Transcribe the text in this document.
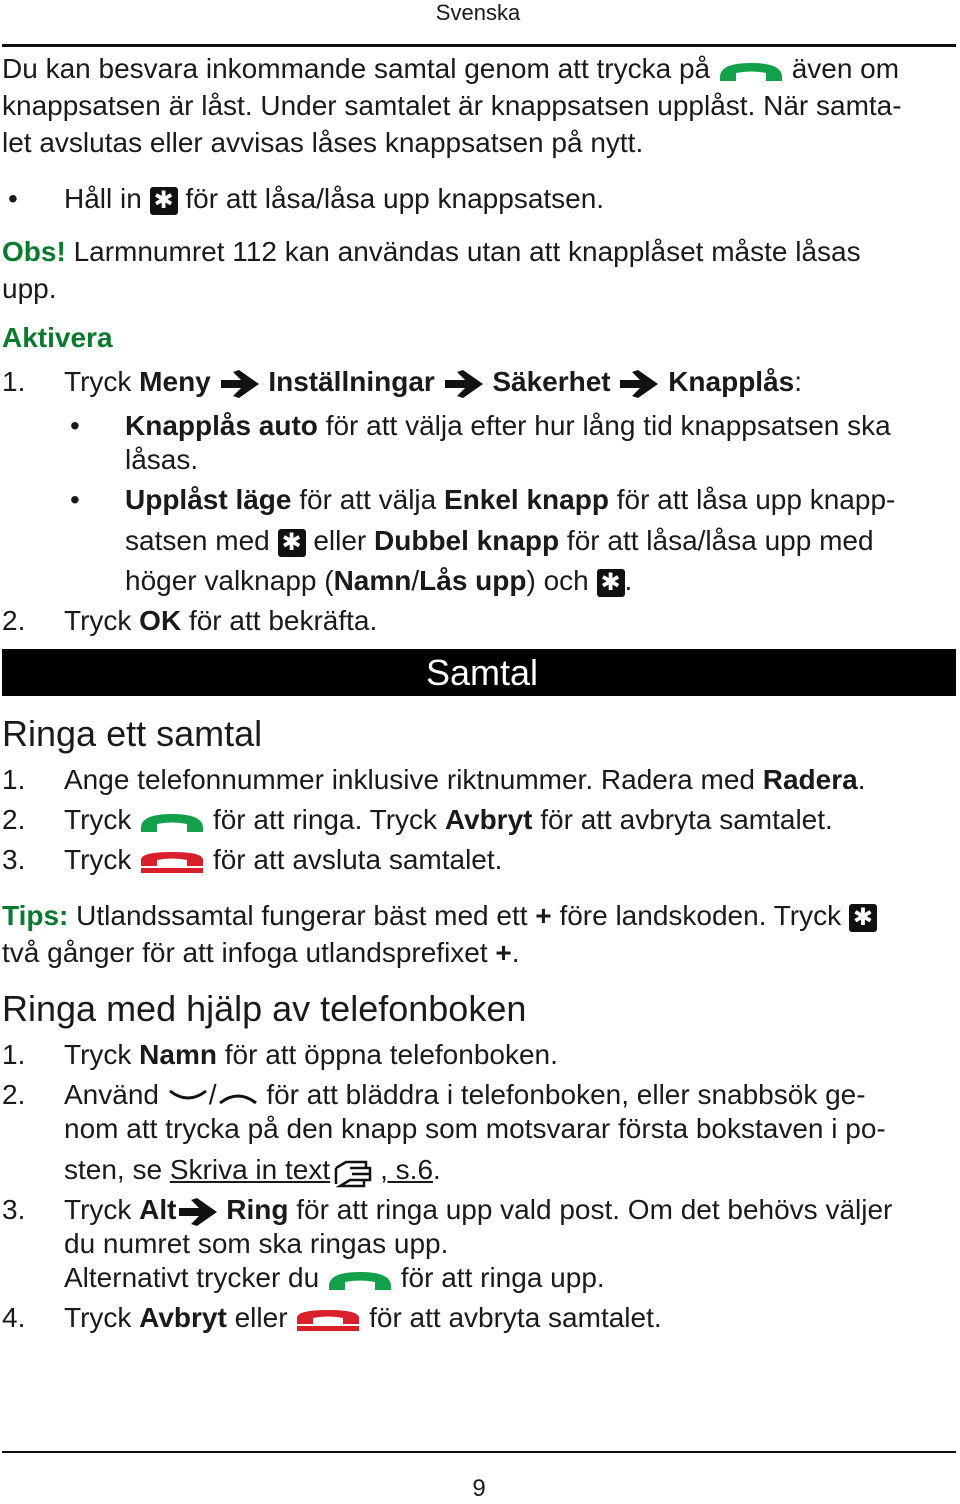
Svenska
Du kan besvara inkommande samtal genom att trycka på	även om
knappsatsen är låst. Under samtalet är knappsatsen upplåst. När samta-
let avslutas eller avvisas låses knappsatsen på nytt.
• Håll in ✱ för att låsa/låsa upp knappsatsen.
Obs! Larmnumret 112 kan användas utan att knapplåset måste låsas
upp.
Aktivera
1. Tryck Meny Inställningar Säkerhet Knapplås:
• Knapplås auto för att välja efter hur lång tid knappsatsen ska
låsas.
• Upplåst läge för att välja Enkel knapp för att låsa upp knapp-
satsen med ✱ eller Dubbel knapp för att låsa/låsa upp med
höger valknapp (Namn/Lås upp) och ✱ .
2. Tryck OK för att bekräfta.
Samtal
Ringa ett samtal
1. Ange telefonnummer inklusive riktnummer. Radera med Radera.
2. Tryck	för att ringa. Tryck Avbryt för att avbryta samtalet.
3. Tryck	för att avsluta samtalet.
Tips: Utlandssamtal fungerar bäst med ett + före landskoden. Tryck ✱
två gånger för att infoga utlandsprefixet +.
Ringa med hjälp av telefonboken
1. Tryck Namn för att öppna telefonboken.
2. Använd / för att bläddra i telefonboken, eller snabbsök ge-
nom att trycka på den knapp som motsvarar första bokstaven i po-
sten, se Skriva in text , s.6.
3. Tryck Alt Ring för att ringa upp vald post. Om det behövs väljer
du numret som ska ringas upp.
Alternativt trycker du	för att ringa upp.
4. Tryck Avbryt eller	för att avbryta samtalet.
9
